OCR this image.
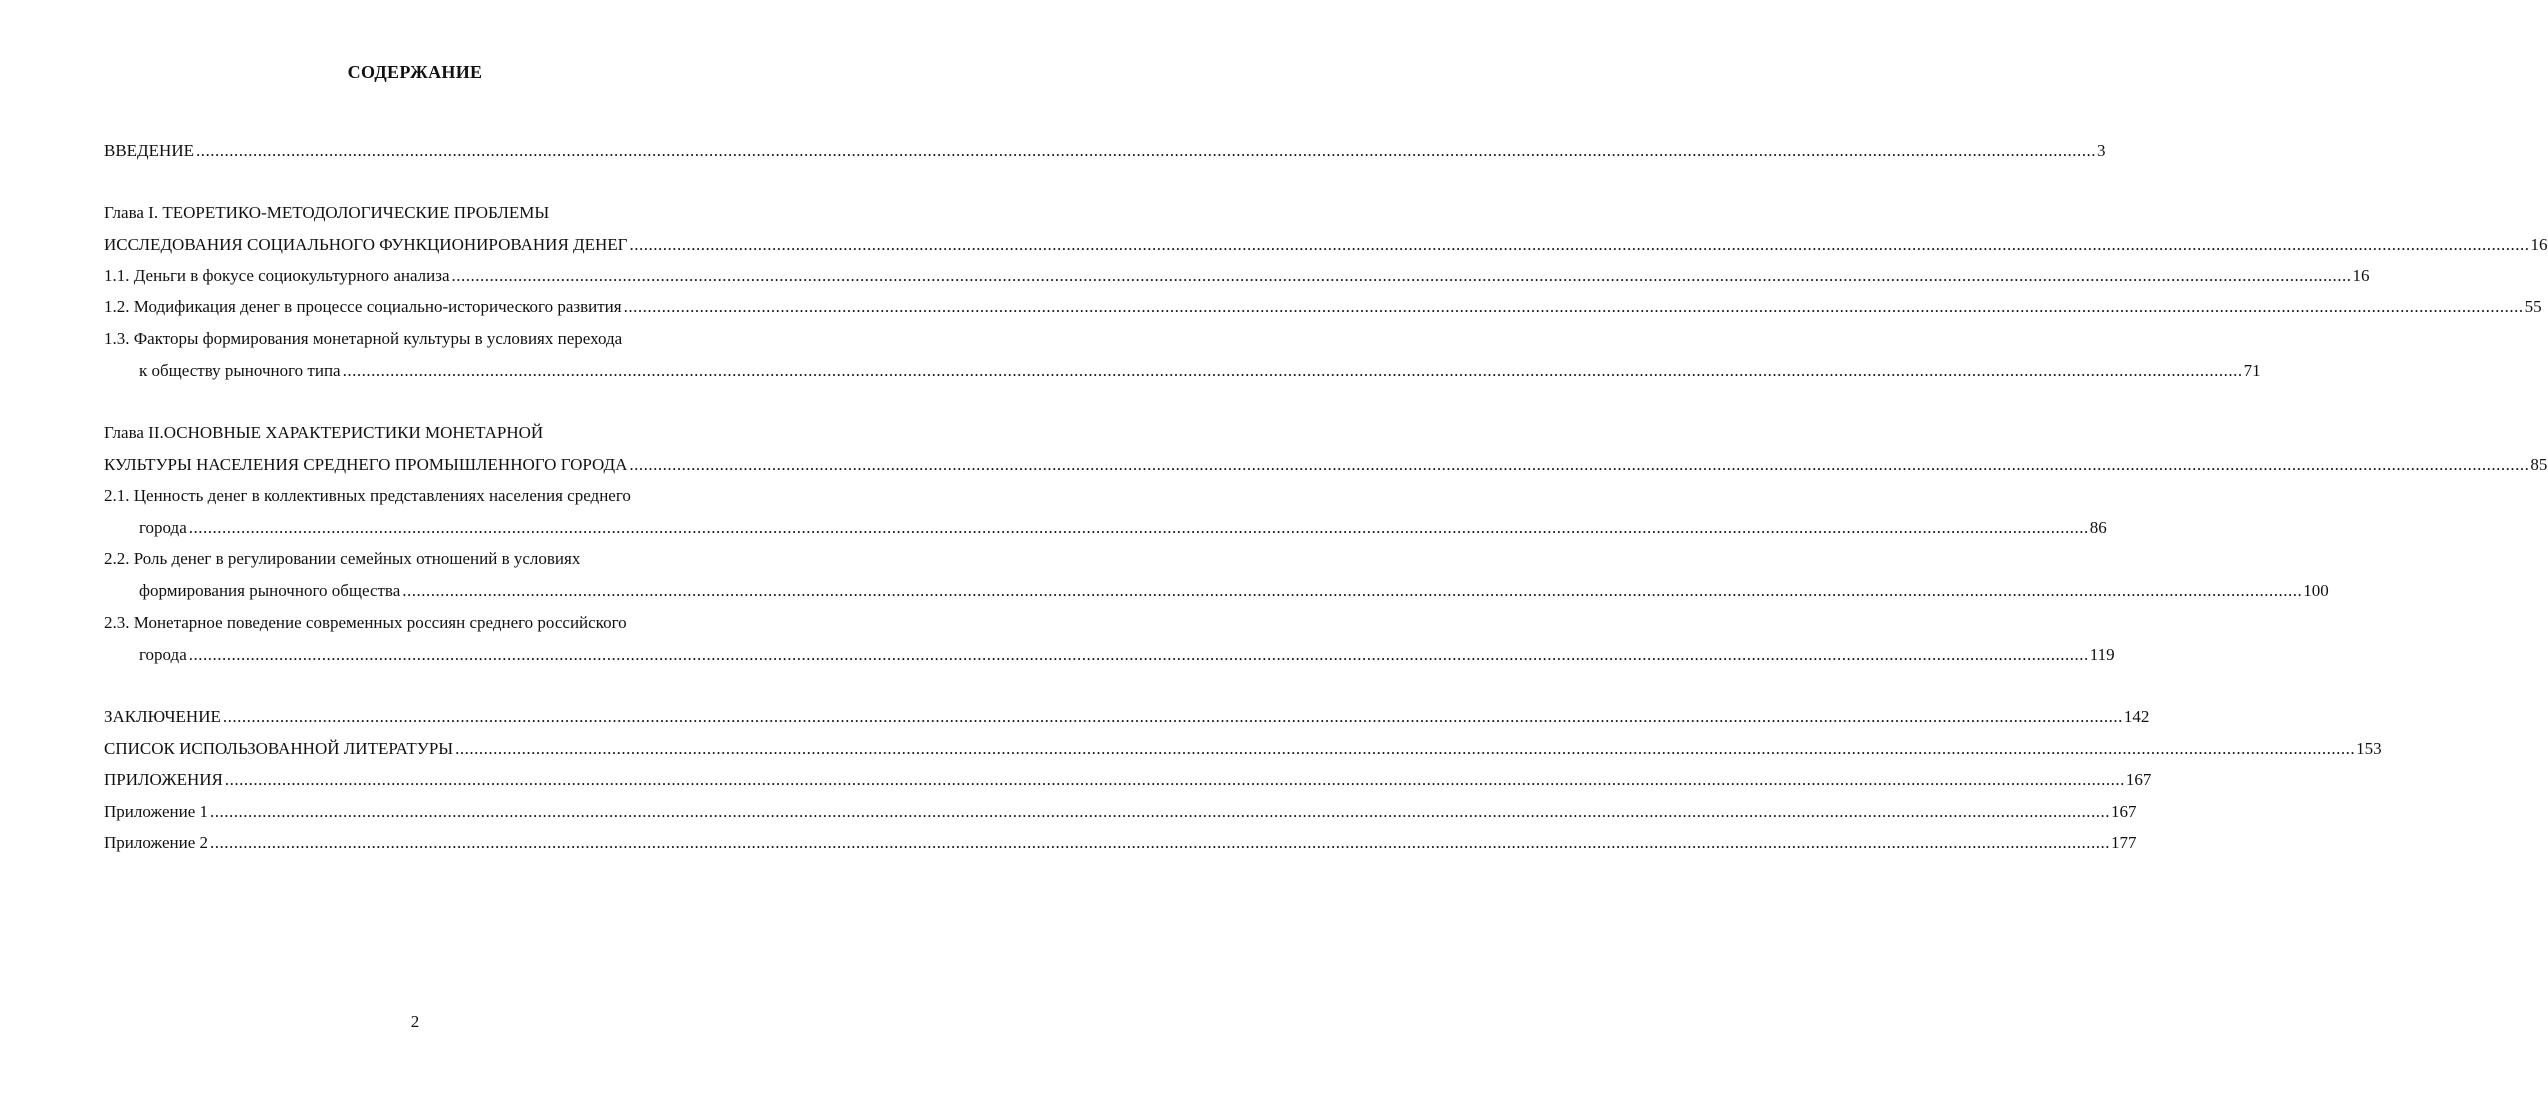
СОДЕРЖАНИЕ
ВВЕДЕНИЕ ................................................................................................................................................................................................................................................................................................................................................................................................................ 3
Глава I. ТЕОРЕТИКО-МЕТОДОЛОГИЧЕСКИЕ ПРОБЛЕМЫ
ИССЛЕДОВАНИЯ СОЦИАЛЬНОГО ФУНКЦИОНИРОВАНИЯ ДЕНЕГ ................................................................................................................................................................................................................................................................................................................................................................................................................ 16
1.1. Деньги в фокусе социокультурного анализа ................................................................................................................................................................................................................................................................................................................................................................................................................ 16
1.2. Модификация денег в процессе социально-исторического развития ................................................................................................................................................................................................................................................................................................................................................................................................................ 55
1.3. Факторы формирования монетарной культуры в условиях перехода
к обществу рыночного типа ................................................................................................................................................................................................................................................................................................................................................................................................................ 71
Глава II.ОСНОВНЫЕ ХАРАКТЕРИСТИКИ МОНЕТАРНОЙ
КУЛЬТУРЫ НАСЕЛЕНИЯ СРЕДНЕГО ПРОМЫШЛЕННОГО ГОРОДА ................................................................................................................................................................................................................................................................................................................................................................................................................ 85
2.1. Ценность денег в коллективных представлениях населения среднего
города ................................................................................................................................................................................................................................................................................................................................................................................................................ 86
2.2. Роль денег в регулировании семейных отношений в условиях
формирования рыночного общества ................................................................................................................................................................................................................................................................................................................................................................................................................ 100
2.3. Монетарное поведение современных россиян среднего российского
города ................................................................................................................................................................................................................................................................................................................................................................................................................ 119
ЗАКЛЮЧЕНИЕ ................................................................................................................................................................................................................................................................................................................................................................................................................ 142
СПИСОК ИСПОЛЬЗОВАННОЙ ЛИТЕРАТУРЫ ................................................................................................................................................................................................................................................................................................................................................................................................................ 153
ПРИЛОЖЕНИЯ ................................................................................................................................................................................................................................................................................................................................................................................................................ 167
Приложение 1 ................................................................................................................................................................................................................................................................................................................................................................................................................ 167
Приложение 2 ................................................................................................................................................................................................................................................................................................................................................................................................................ 177
2
